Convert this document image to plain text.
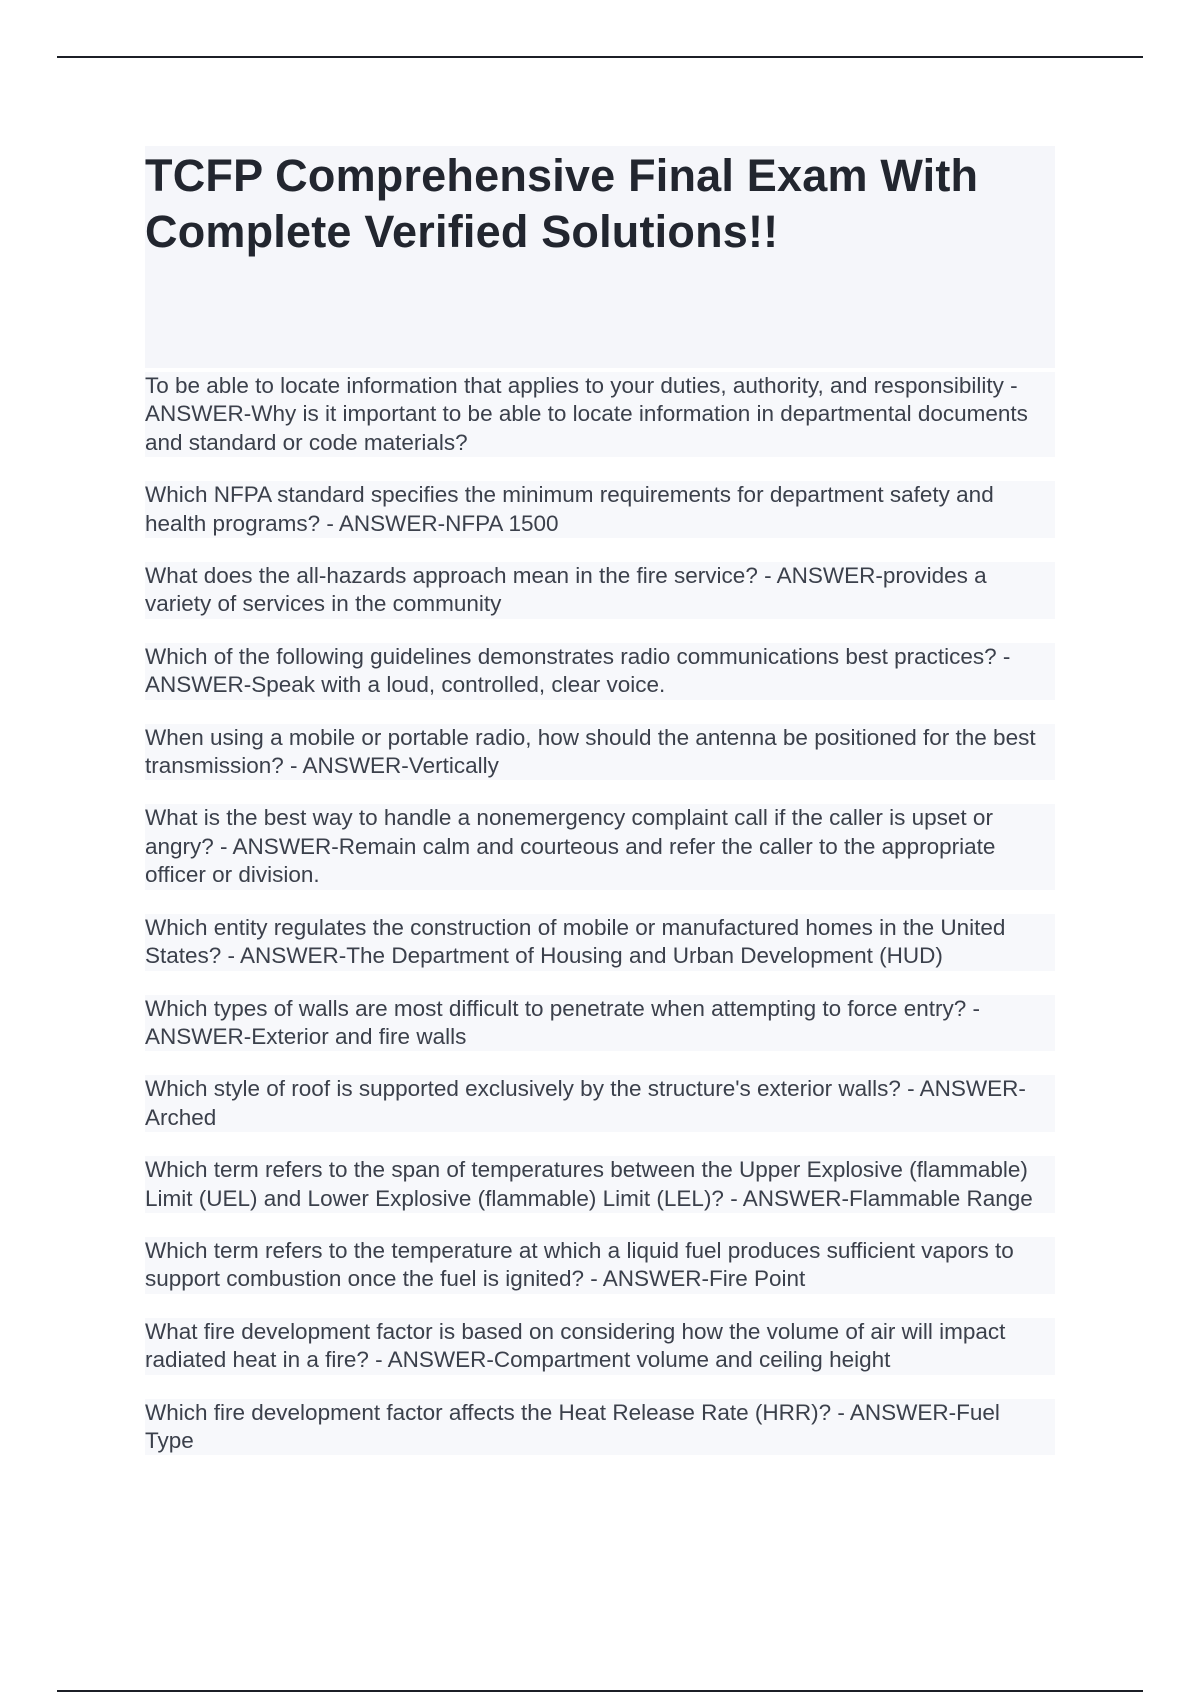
TCFP Comprehensive Final Exam With Complete Verified Solutions!!
To be able to locate information that applies to your duties, authority, and responsibility - ANSWER-Why is it important to be able to locate information in departmental documents and standard or code materials?
Which NFPA standard specifies the minimum requirements for department safety and health programs? - ANSWER-NFPA 1500
What does the all-hazards approach mean in the fire service? - ANSWER-provides a variety of services in the community
Which of the following guidelines demonstrates radio communications best practices? - ANSWER-Speak with a loud, controlled, clear voice.
When using a mobile or portable radio, how should the antenna be positioned for the best transmission? - ANSWER-Vertically
What is the best way to handle a nonemergency complaint call if the caller is upset or angry? - ANSWER-Remain calm and courteous and refer the caller to the appropriate officer or division.
Which entity regulates the construction of mobile or manufactured homes in the United States? - ANSWER-The Department of Housing and Urban Development (HUD)
Which types of walls are most difficult to penetrate when attempting to force entry? - ANSWER-Exterior and fire walls
Which style of roof is supported exclusively by the structure's exterior walls? - ANSWER-Arched
Which term refers to the span of temperatures between the Upper Explosive (flammable) Limit (UEL) and Lower Explosive (flammable) Limit (LEL)? - ANSWER-Flammable Range
Which term refers to the temperature at which a liquid fuel produces sufficient vapors to support combustion once the fuel is ignited? - ANSWER-Fire Point
What fire development factor is based on considering how the volume of air will impact radiated heat in a fire? - ANSWER-Compartment volume and ceiling height
Which fire development factor affects the Heat Release Rate (HRR)? - ANSWER-Fuel Type
